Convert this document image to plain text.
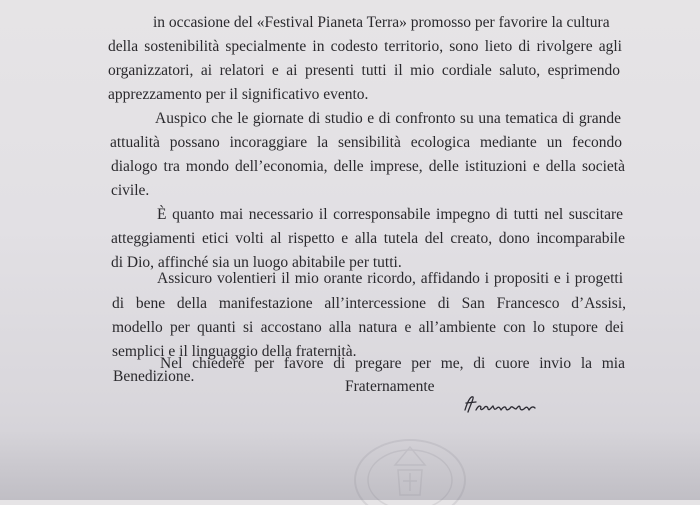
in occasione del «Festival Pianeta Terra» promosso per favorire la cultura
della sostenibilità specialmente in codesto territorio, sono lieto di rivolgere agli
organizzatori, ai relatori e ai presenti tutti il mio cordiale saluto, esprimendo
apprezzamento per il significativo evento.
Auspico che le giornate di studio e di confronto su una tematica di grande
attualità possano incoraggiare la sensibilità ecologica mediante un fecondo
dialogo tra mondo dell’economia, delle imprese, delle istituzioni e della società
civile.
È quanto mai necessario il corresponsabile impegno di tutti nel suscitare
atteggiamenti etici volti al rispetto e alla tutela del creato, dono incomparabile
di Dio, affinché sia un luogo abitabile per tutti.
Assicuro volentieri il mio orante ricordo, affidando i propositi e i progetti
di bene della manifestazione all’intercessione di San Francesco d’Assisi,
modello per quanti si accostano alla natura e all’ambiente con lo stupore dei
semplici e il linguaggio della fraternità.
Nel chiedere per favore di pregare per me, di cuore invio la mia
Benedizione.
Fraternamente
